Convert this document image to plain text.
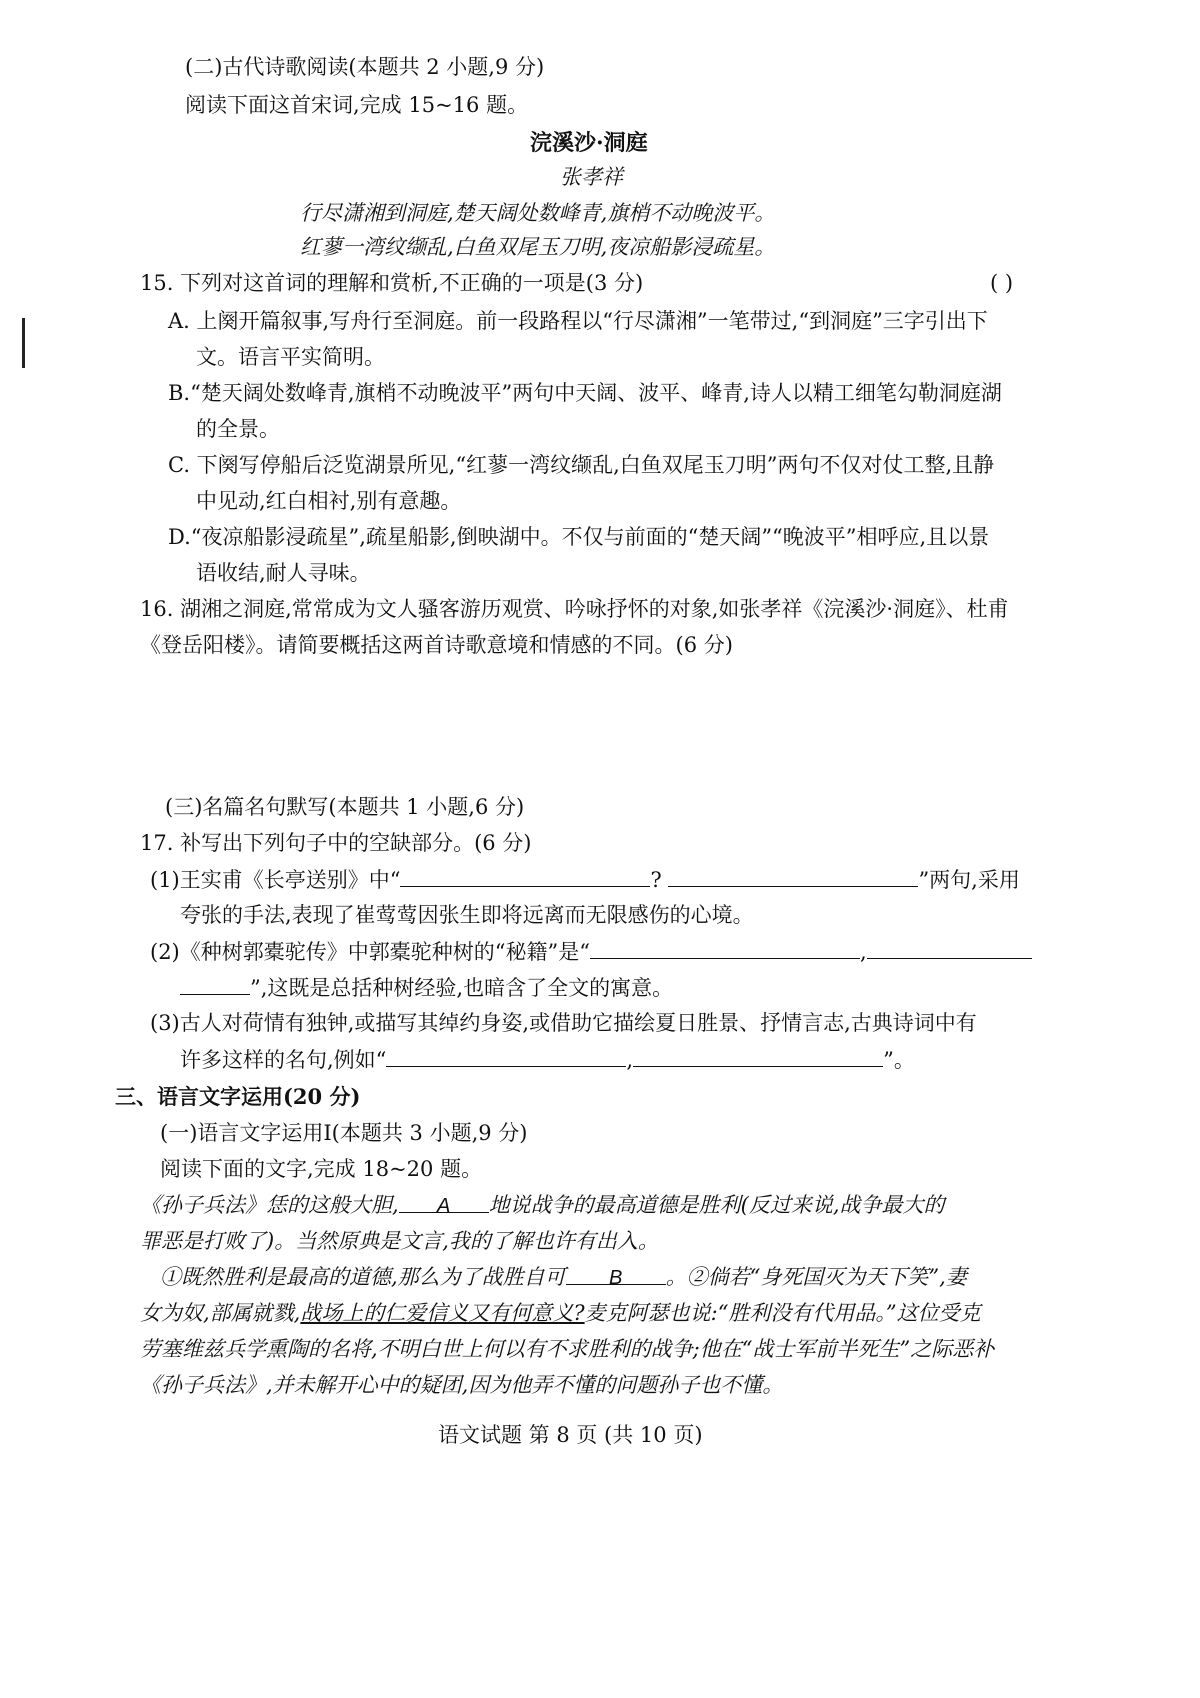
(二)古代诗歌阅读(本题共 2 小题,9 分)
阅读下面这首宋词,完成 15~16 题。
浣溪沙·洞庭
张孝祥
行尽潇湘到洞庭,楚天阔处数峰青,旗梢不动晚波平。
红蓼一湾纹缬乱,白鱼双尾玉刀明,夜凉船影浸疏星。
15. 下列对这首词的理解和赏析,不正确的一项是(3 分)	( )
A. 上阕开篇叙事,写舟行至洞庭。前一段路程以“行尽潇湘”一笔带过,“到洞庭”三字引出下
文。语言平实简明。
B.“楚天阔处数峰青,旗梢不动晚波平”两句中天阔、波平、峰青,诗人以精工细笔勾勒洞庭湖
的全景。
C. 下阕写停船后泛览湖景所见,“红蓼一湾纹缬乱,白鱼双尾玉刀明”两句不仅对仗工整,且静
中见动,红白相衬,别有意趣。
D.“夜凉船影浸疏星”,疏星船影,倒映湖中。不仅与前面的“楚天阔”“晚波平”相呼应,且以景
语收结,耐人寻味。
16. 湖湘之洞庭,常常成为文人骚客游历观赏、吟咏抒怀的对象,如张孝祥《浣溪沙·洞庭》、杜甫
《登岳阳楼》。请简要概括这两首诗歌意境和情感的不同。(6 分)
(三)名篇名句默写(本题共 1 小题,6 分)
17. 补写出下列句子中的空缺部分。(6 分)
(1)王实甫《长亭送别》中“	?	”两句,采用
夸张的手法,表现了崔莺莺因张生即将远离而无限感伤的心境。
(2)《种树郭橐驼传》中郭橐驼种树的“秘籍”是“	,
”,这既是总括种树经验,也暗含了全文的寓意。
(3)古人对荷情有独钟,或描写其绰约身姿,或借助它描绘夏日胜景、抒情言志,古典诗词中有
许多这样的名句,例如“	,	”。
三、语言文字运用(20 分)
(一)语言文字运用Ⅰ(本题共 3 小题,9 分)
阅读下面的文字,完成 18~20 题。
《孙子兵法》恁的这般大胆, A 地说战争的最高道德是胜利(反过来说,战争最大的
罪恶是打败了)。当然原典是文言,我的了解也许有出入。
①既然胜利是最高的道德,那么为了战胜自可 B 。②倘若“身死国灭为天下笑”,妻
女为奴,部属就戮,战场上的仁爱信义又有何意义?麦克阿瑟也说:“胜利没有代用品。”这位受克
劳塞维兹兵学熏陶的名将,不明白世上何以有不求胜利的战争;他在“战士军前半死生”之际恶补
《孙子兵法》,并未解开心中的疑团,因为他弄不懂的问题孙子也不懂。
语文试题 第 8 页 (共 10 页)
